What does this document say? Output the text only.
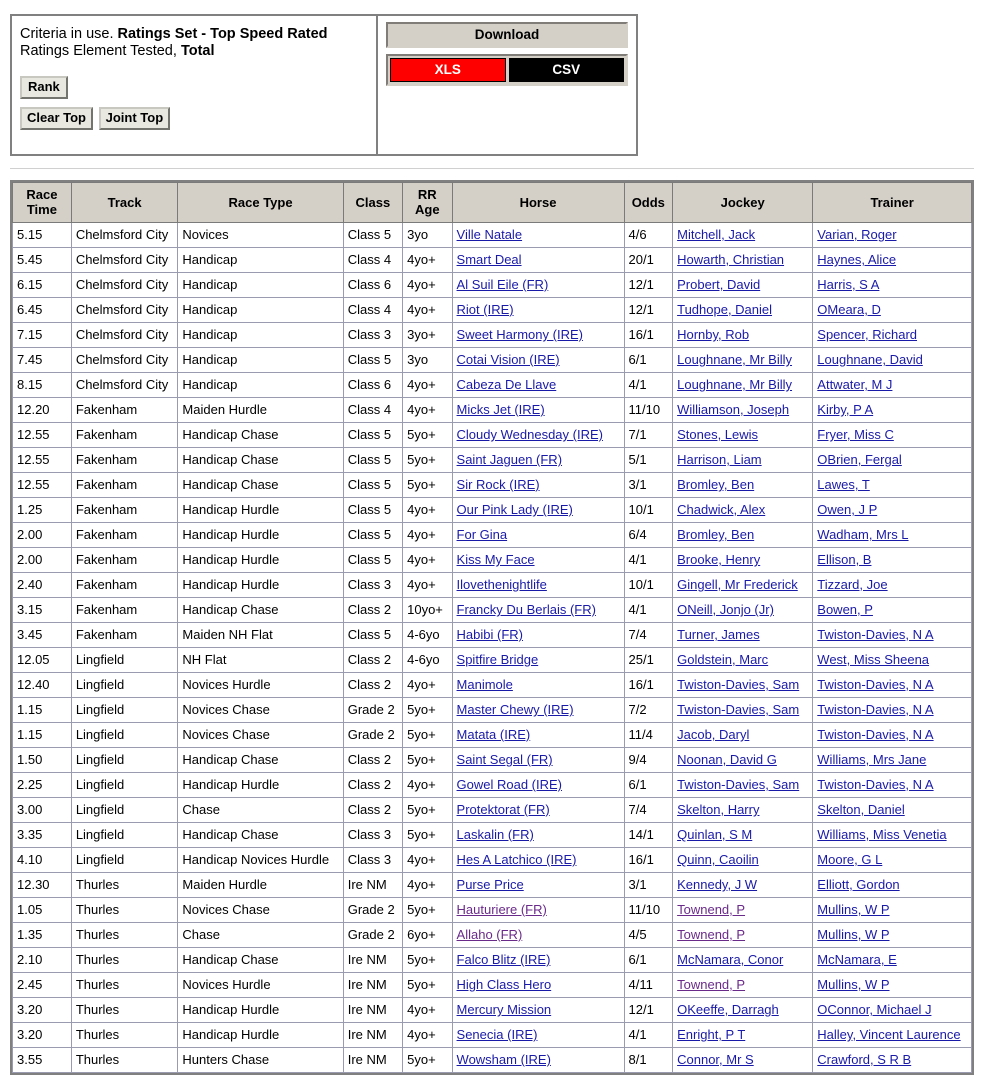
Criteria in use. Ratings Set - Top Speed Rated Ratings Element Tested, Total
Rank
Clear Top Joint Top
Download
XLS	CSV
Race Time	Track	Race Type	Class	RR Age	Horse	Odds	Jockey	Trainer
5.15	Chelmsford City	Novices	Class 5	3yo	Ville Natale	4/6	Mitchell, Jack	Varian, Roger
5.45	Chelmsford City	Handicap	Class 4	4yo+	Smart Deal	20/1	Howarth, Christian	Haynes, Alice
6.15	Chelmsford City	Handicap	Class 6	4yo+	Al Suil Eile (FR)	12/1	Probert, David	Harris, S A
6.45	Chelmsford City	Handicap	Class 4	4yo+	Riot (IRE)	12/1	Tudhope, Daniel	OMeara, D
7.15	Chelmsford City	Handicap	Class 3	3yo+	Sweet Harmony (IRE)	16/1	Hornby, Rob	Spencer, Richard
7.45	Chelmsford City	Handicap	Class 5	3yo	Cotai Vision (IRE)	6/1	Loughnane, Mr Billy	Loughnane, David
8.15	Chelmsford City	Handicap	Class 6	4yo+	Cabeza De Llave	4/1	Loughnane, Mr Billy	Attwater, M J
12.20	Fakenham	Maiden Hurdle	Class 4	4yo+	Micks Jet (IRE)	11/10	Williamson, Joseph	Kirby, P A
12.55	Fakenham	Handicap Chase	Class 5	5yo+	Cloudy Wednesday (IRE)	7/1	Stones, Lewis	Fryer, Miss C
12.55	Fakenham	Handicap Chase	Class 5	5yo+	Saint Jaguen (FR)	5/1	Harrison, Liam	OBrien, Fergal
12.55	Fakenham	Handicap Chase	Class 5	5yo+	Sir Rock (IRE)	3/1	Bromley, Ben	Lawes, T
1.25	Fakenham	Handicap Hurdle	Class 5	4yo+	Our Pink Lady (IRE)	10/1	Chadwick, Alex	Owen, J P
2.00	Fakenham	Handicap Hurdle	Class 5	4yo+	For Gina	6/4	Bromley, Ben	Wadham, Mrs L
2.00	Fakenham	Handicap Hurdle	Class 5	4yo+	Kiss My Face	4/1	Brooke, Henry	Ellison, B
2.40	Fakenham	Handicap Hurdle	Class 3	4yo+	Ilovethenightlife	10/1	Gingell, Mr Frederick	Tizzard, Joe
3.15	Fakenham	Handicap Chase	Class 2	10yo+	Francky Du Berlais (FR)	4/1	ONeill, Jonjo (Jr)	Bowen, P
3.45	Fakenham	Maiden NH Flat	Class 5	4-6yo	Habibi (FR)	7/4	Turner, James	Twiston-Davies, N A
12.05	Lingfield	NH Flat	Class 2	4-6yo	Spitfire Bridge	25/1	Goldstein, Marc	West, Miss Sheena
12.40	Lingfield	Novices Hurdle	Class 2	4yo+	Manimole	16/1	Twiston-Davies, Sam	Twiston-Davies, N A
1.15	Lingfield	Novices Chase	Grade 2	5yo+	Master Chewy (IRE)	7/2	Twiston-Davies, Sam	Twiston-Davies, N A
1.15	Lingfield	Novices Chase	Grade 2	5yo+	Matata (IRE)	11/4	Jacob, Daryl	Twiston-Davies, N A
1.50	Lingfield	Handicap Chase	Class 2	5yo+	Saint Segal (FR)	9/4	Noonan, David G	Williams, Mrs Jane
2.25	Lingfield	Handicap Hurdle	Class 2	4yo+	Gowel Road (IRE)	6/1	Twiston-Davies, Sam	Twiston-Davies, N A
3.00	Lingfield	Chase	Class 2	5yo+	Protektorat (FR)	7/4	Skelton, Harry	Skelton, Daniel
3.35	Lingfield	Handicap Chase	Class 3	5yo+	Laskalin (FR)	14/1	Quinlan, S M	Williams, Miss Venetia
4.10	Lingfield	Handicap Novices Hurdle	Class 3	4yo+	Hes A Latchico (IRE)	16/1	Quinn, Caoilin	Moore, G L
12.30	Thurles	Maiden Hurdle	Ire NM	4yo+	Purse Price	3/1	Kennedy, J W	Elliott, Gordon
1.05	Thurles	Novices Chase	Grade 2	5yo+	Hauturiere (FR)	11/10	Townend, P	Mullins, W P
1.35	Thurles	Chase	Grade 2	6yo+	Allaho (FR)	4/5	Townend, P	Mullins, W P
2.10	Thurles	Handicap Chase	Ire NM	5yo+	Falco Blitz (IRE)	6/1	McNamara, Conor	McNamara, E
2.45	Thurles	Novices Hurdle	Ire NM	5yo+	High Class Hero	4/11	Townend, P	Mullins, W P
3.20	Thurles	Handicap Hurdle	Ire NM	4yo+	Mercury Mission	12/1	OKeeffe, Darragh	OConnor, Michael J
3.20	Thurles	Handicap Hurdle	Ire NM	4yo+	Senecia (IRE)	4/1	Enright, P T	Halley, Vincent Laurence
3.55	Thurles	Hunters Chase	Ire NM	5yo+	Wowsham (IRE)	8/1	Connor, Mr S	Crawford, S R B
